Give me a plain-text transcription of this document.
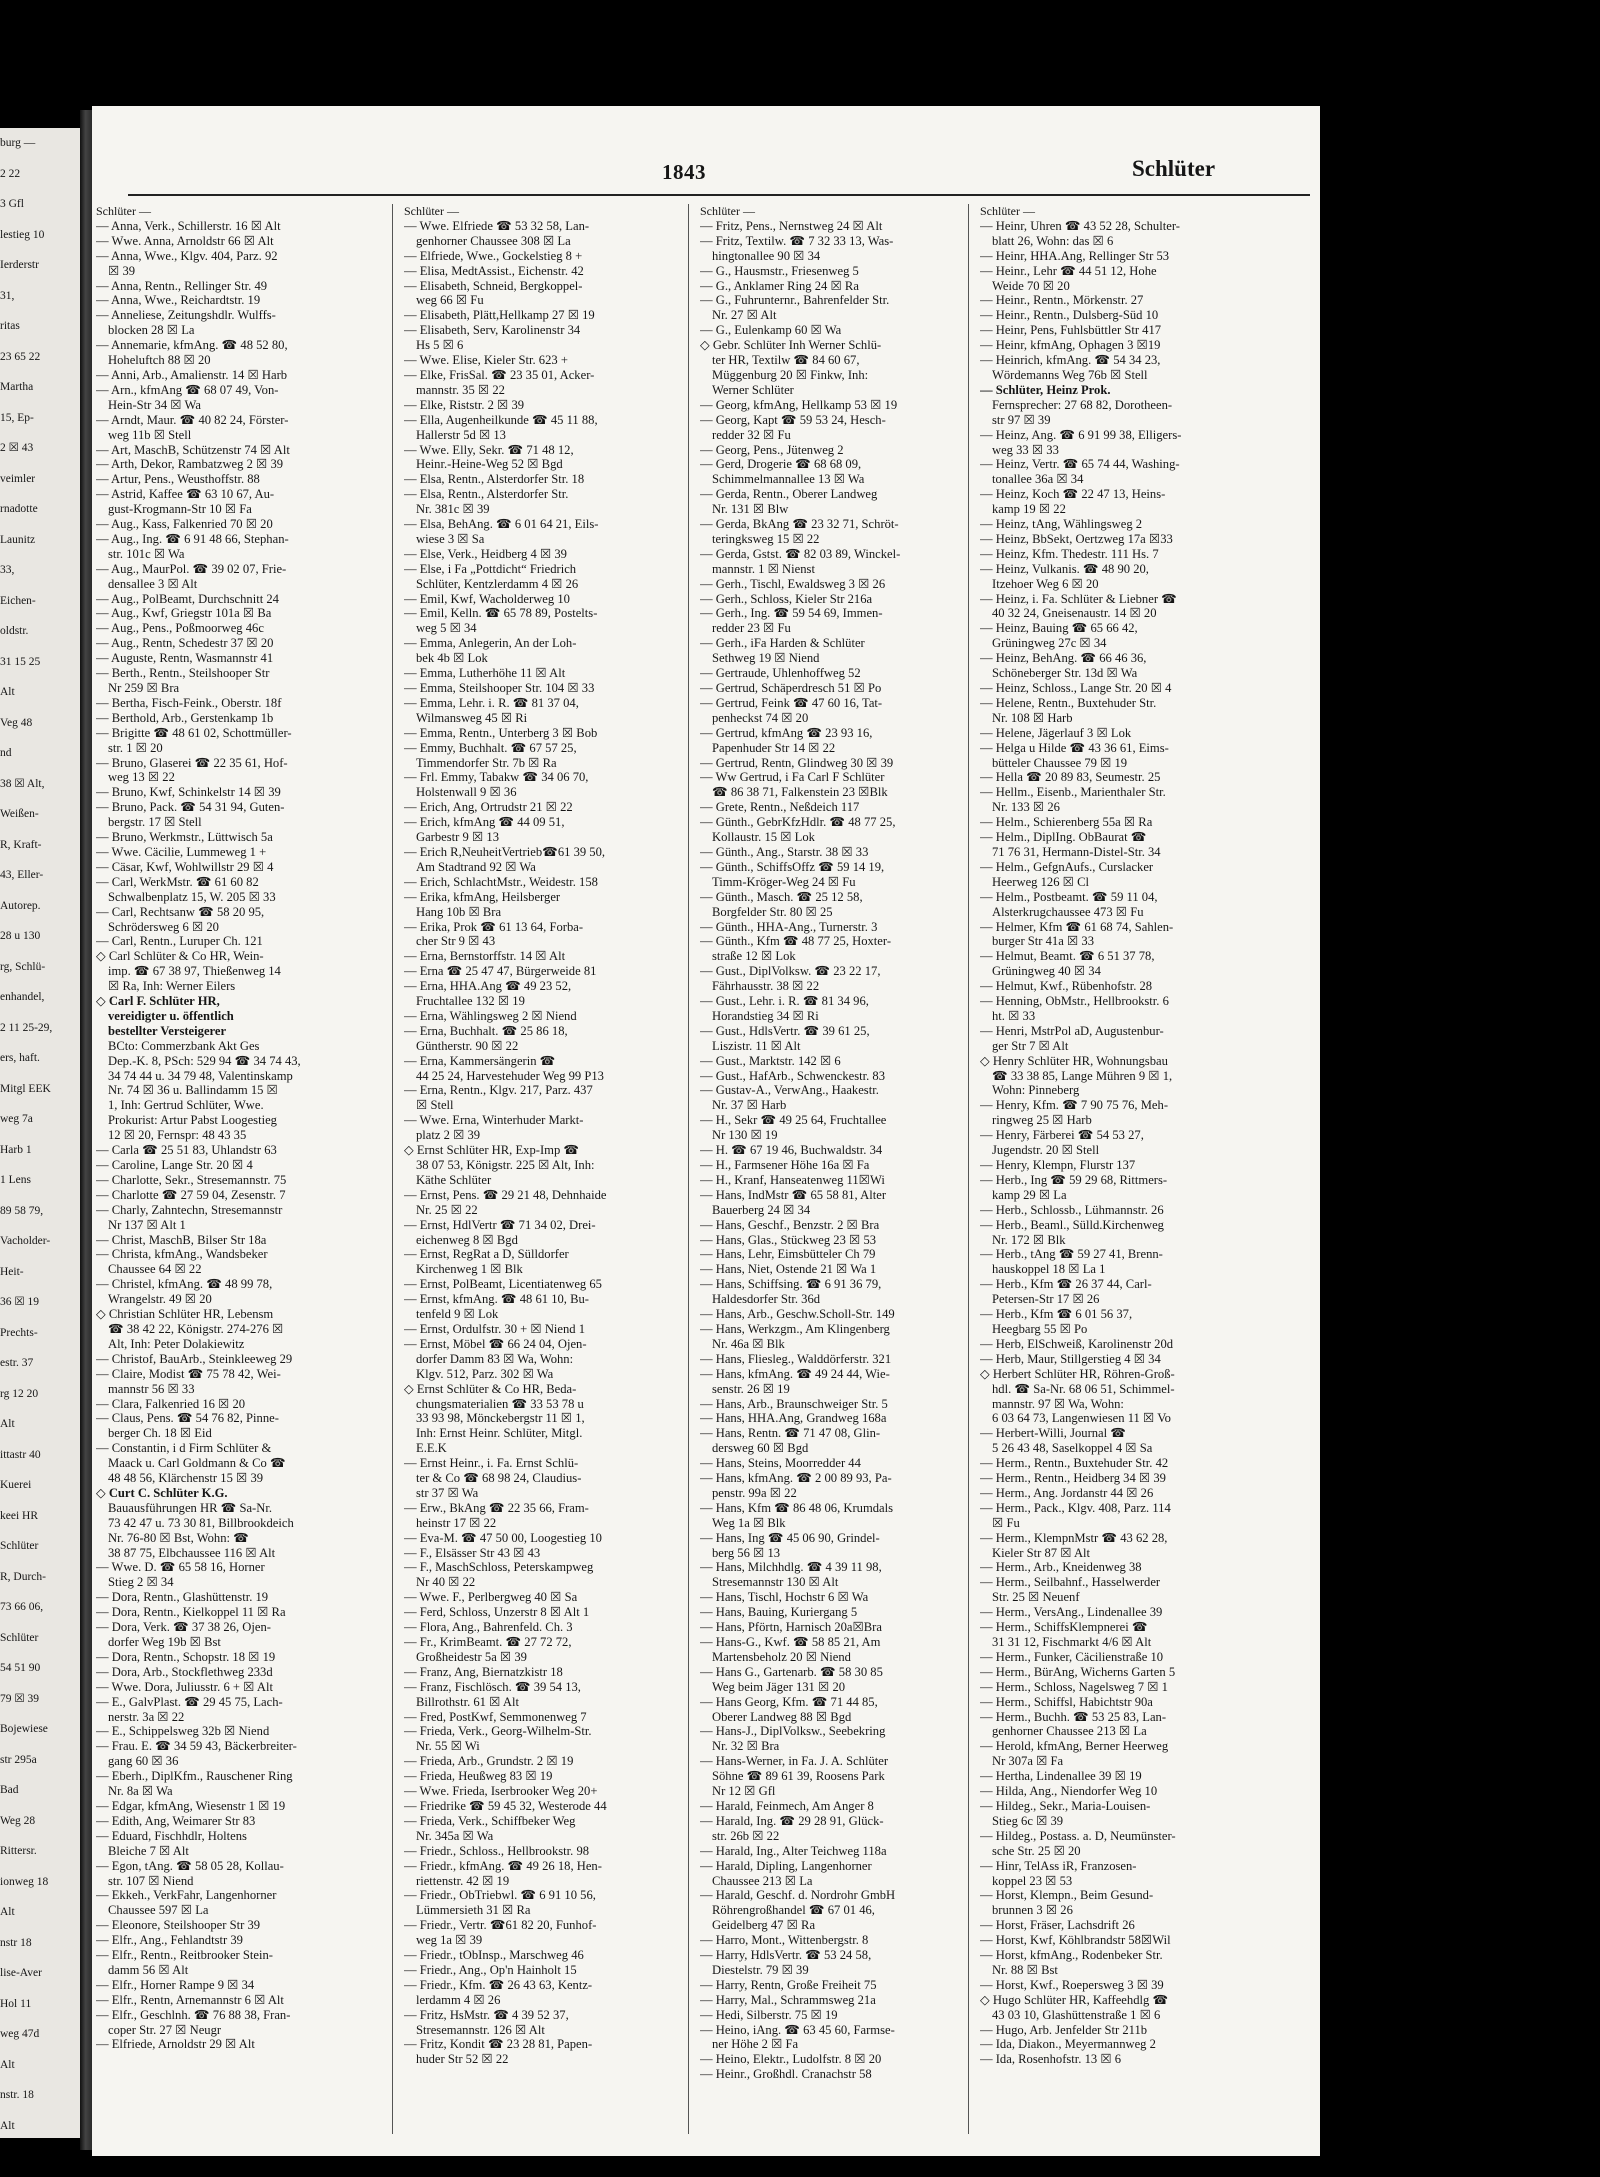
burg —
2 22
3 Gfl
lestieg 10
Ierderstr
31,
ritas
23 65 22
Martha
15, Ep-
2 ☒ 43
veimler
rnadotte
Launitz
33,
Eichen-
oldstr.
31 15 25
Alt
Veg 48
nd
38 ☒ Alt,
Weißen-
R, Kraft-
43, Eller-
Autorep.
28 u 130
rg, Schlü-
enhandel,
2 11 25-29,
ers, haft.
Mitgl EEK
weg 7a
Harb 1
1 Lens
89 58 79,
Vacholder-
Heit-
36 ☒ 19
Prechts-
estr. 37
rg 12 20
Alt
ittastr 40
Kuerei
keei HR
Schlüter
R, Durch-
73 66 06,
Schlüter
54 51 90
79 ☒ 39
Bojewiese
str 295a
Bad
Weg 28
Rittersr.
ionweg 18
Alt
nstr 18
lise-Aver
Hol 11
weg 47d
Alt
nstr. 18
Alt
1843	Schlüter
Schlüter —
— Anna, Verk., Schillerstr. 16 ☒ Alt
— Wwe. Anna, Arnoldstr 66 ☒ Alt
— Anna, Wwe., Klgv. 404, Parz. 92
☒ 39
— Anna, Rentn., Rellinger Str. 49
— Anna, Wwe., Reichardtstr. 19
— Anneliese, Zeitungshdlr. Wulffs-
blocken 28 ☒ La
— Annemarie, kfmAng. ☎ 48 52 80,
Hoheluftch 88 ☒ 20
— Anni, Arb., Amalienstr. 14 ☒ Harb
— Arn., kfmAng ☎ 68 07 49, Von-
Hein-Str 34 ☒ Wa
— Arndt, Maur. ☎ 40 82 24, Förster-
weg 11b ☒ Stell
— Art, MaschB, Schützenstr 74 ☒ Alt
— Arth, Dekor, Rambatzweg 2 ☒ 39
— Artur, Pens., Weusthoffstr. 88
— Astrid, Kaffee ☎ 63 10 67, Au-
gust-Krogmann-Str 10 ☒ Fa
— Aug., Kass, Falkenried 70 ☒ 20
— Aug., Ing. ☎ 6 91 48 66, Stephan-
str. 101c ☒ Wa
— Aug., MaurPol. ☎ 39 02 07, Frie-
densallee 3 ☒ Alt
— Aug., PolBeamt, Durchschnitt 24
— Aug., Kwf, Griegstr 101a ☒ Ba
— Aug., Pens., Poßmoorweg 46c
— Aug., Rentn, Schedestr 37 ☒ 20
— Auguste, Rentn, Wasmannstr 41
— Berth., Rentn., Steilshooper Str
Nr 259 ☒ Bra
— Bertha, Fisch-Feink., Oberstr. 18f
— Berthold, Arb., Gerstenkamp 1b
— Brigitte ☎ 48 61 02, Schottmüller-
str. 1 ☒ 20
— Bruno, Glaserei ☎ 22 35 61, Hof-
weg 13 ☒ 22
— Bruno, Kwf, Schinkelstr 14 ☒ 39
— Bruno, Pack. ☎ 54 31 94, Guten-
bergstr. 17 ☒ Stell
— Bruno, Werkmstr., Lüttwisch 5a
— Wwe. Cäcilie, Lummeweg 1 +
— Cäsar, Kwf, Wohlwillstr 29 ☒ 4
— Carl, WerkMstr. ☎ 61 60 82
Schwalbenplatz 15, W. 205 ☒ 33
— Carl, Rechtsanw ☎ 58 20 95,
Schrödersweg 6 ☒ 20
— Carl, Rentn., Luruper Ch. 121
◇ Carl Schlüter & Co HR, Wein-
imp. ☎ 67 38 97, Thießenweg 14
☒ Ra, Inh: Werner Eilers
◇ Carl F. Schlüter HR,
vereidigter u. öffentlich
bestellter Versteigerer
BCto: Commerzbank Akt Ges
Dep.-K. 8, PSch: 529 94 ☎ 34 74 43,
34 74 44 u. 34 79 48, Valentinskamp
Nr. 74 ☒ 36 u. Ballindamm 15 ☒
1, Inh: Gertrud Schlüter, Wwe.
Prokurist: Artur Pabst Loogestieg
12 ☒ 20, Fernspr: 48 43 35
— Carla ☎ 25 51 83, Uhlandstr 63
— Caroline, Lange Str. 20 ☒ 4
— Charlotte, Sekr., Stresemannstr. 75
— Charlotte ☎ 27 59 04, Zesenstr. 7
— Charly, Zahntechn, Stresemannstr
Nr 137 ☒ Alt 1
— Christ, MaschB, Bilser Str 18a
— Christa, kfmAng., Wandsbeker
Chaussee 64 ☒ 22
— Christel, kfmAng. ☎ 48 99 78,
Wrangelstr. 49 ☒ 20
◇ Christian Schlüter HR, Lebensm
☎ 38 42 22, Königstr. 274-276 ☒
Alt, Inh: Peter Dolakiewitz
— Christof, BauArb., Steinkleeweg 29
— Claire, Modist ☎ 75 78 42, Wei-
mannstr 56 ☒ 33
— Clara, Falkenried 16 ☒ 20
— Claus, Pens. ☎ 54 76 82, Pinne-
berger Ch. 18 ☒ Eid
— Constantin, i d Firm Schlüter &
Maack u. Carl Goldmann & Co ☎
48 48 56, Klärchenstr 15 ☒ 39
◇ Curt C. Schlüter K.G.
Bauausführungen HR ☎ Sa-Nr.
73 42 47 u. 73 30 81, Billbrookdeich
Nr. 76-80 ☒ Bst, Wohn: ☎
38 87 75, Elbchaussee 116 ☒ Alt
— Wwe. D. ☎ 65 58 16, Horner
Stieg 2 ☒ 34
— Dora, Rentn., Glashüttenstr. 19
— Dora, Rentn., Kielkoppel 11 ☒ Ra
— Dora, Verk. ☎ 37 38 26, Ojen-
dorfer Weg 19b ☒ Bst
— Dora, Rentn., Schopstr. 18 ☒ 19
— Dora, Arb., Stockflethweg 233d
— Wwe. Dora, Juliusstr. 6 + ☒ Alt
— E., GalvPlast. ☎ 29 45 75, Lach-
nerstr. 3a ☒ 22
— E., Schippelsweg 32b ☒ Niend
— Frau. E. ☎ 34 59 43, Bäckerbreiter-
gang 60 ☒ 36
— Eberh., DiplKfm., Rauschener Ring
Nr. 8a ☒ Wa
— Edgar, kfmAng, Wiesenstr 1 ☒ 19
— Edith, Ang, Weimarer Str 83
— Eduard, Fischhdlr, Holtens
Bleiche 7 ☒ Alt
— Egon, tAng. ☎ 58 05 28, Kollau-
str. 107 ☒ Niend
— Ekkeh., VerkFahr, Langenhorner
Chaussee 597 ☒ La
— Eleonore, Steilshooper Str 39
— Elfr., Ang., Fehlandtstr 39
— Elfr., Rentn., Reitbrooker Stein-
damm 56 ☒ Alt
— Elfr., Horner Rampe 9 ☒ 34
— Elfr., Rentn, Arnemannstr 6 ☒ Alt
— Elfr., Geschlnh. ☎ 76 88 38, Fran-
coper Str. 27 ☒ Neugr
— Elfriede, Arnoldstr 29 ☒ Alt
Schlüter —
— Wwe. Elfriede ☎ 53 32 58, Lan-
genhorner Chaussee 308 ☒ La
— Elfriede, Wwe., Gockelstieg 8 +
— Elisa, MedtAssist., Eichenstr. 42
— Elisabeth, Schneid, Bergkoppel-
weg 66 ☒ Fu
— Elisabeth, Plätt,Hellkamp 27 ☒ 19
— Elisabeth, Serv, Karolinenstr 34
Hs 5 ☒ 6
— Wwe. Elise, Kieler Str. 623 +
— Elke, FrisSal. ☎ 23 35 01, Acker-
mannstr. 35 ☒ 22
— Elke, Riststr. 2 ☒ 39
— Ella, Augenheilkunde ☎ 45 11 88,
Hallerstr 5d ☒ 13
— Wwe. Elly, Sekr. ☎ 71 48 12,
Heinr.-Heine-Weg 52 ☒ Bgd
— Elsa, Rentn., Alsterdorfer Str. 18
— Elsa, Rentn., Alsterdorfer Str.
Nr. 381c ☒ 39
— Elsa, BehAng. ☎ 6 01 64 21, Eils-
wiese 3 ☒ Sa
— Else, Verk., Heidberg 4 ☒ 39
— Else, i Fa „Pottdicht“ Friedrich
Schlüter, Kentzlerdamm 4 ☒ 26
— Emil, Kwf, Wacholderweg 10
— Emil, Kelln. ☎ 65 78 89, Postelts-
weg 5 ☒ 34
— Emma, Anlegerin, An der Loh-
bek 4b ☒ Lok
— Emma, Lutherhöhe 11 ☒ Alt
— Emma, Steilshooper Str. 104 ☒ 33
— Emma, Lehr. i. R. ☎ 81 37 04,
Wilmansweg 45 ☒ Ri
— Emma, Rentn., Unterberg 3 ☒ Bob
— Emmy, Buchhalt. ☎ 67 57 25,
Timmendorfer Str. 7b ☒ Ra
— Frl. Emmy, Tabakw ☎ 34 06 70,
Holstenwall 9 ☒ 36
— Erich, Ang, Ortrudstr 21 ☒ 22
— Erich, kfmAng ☎ 44 09 51,
Garbestr 9 ☒ 13
— Erich R,NeuheitVertrieb☎61 39 50,
Am Stadtrand 92 ☒ Wa
— Erich, SchlachtMstr., Weidestr. 158
— Erika, kfmAng, Heilsberger
Hang 10b ☒ Bra
— Erika, Prok ☎ 61 13 64, Forba-
cher Str 9 ☒ 43
— Erna, Bernstorffstr. 14 ☒ Alt
— Erna ☎ 25 47 47, Bürgerweide 81
— Erna, HHA.Ang ☎ 49 23 52,
Fruchtallee 132 ☒ 19
— Erna, Wählingsweg 2 ☒ Niend
— Erna, Buchhalt. ☎ 25 86 18,
Güntherstr. 90 ☒ 22
— Erna, Kammersängerin ☎
44 25 24, Harvestehuder Weg 99 P13
— Erna, Rentn., Klgv. 217, Parz. 437
☒ Stell
— Wwe. Erna, Winterhuder Markt-
platz 2 ☒ 39
◇ Ernst Schlüter HR, Exp-Imp ☎
38 07 53, Königstr. 225 ☒ Alt, Inh:
Käthe Schlüter
— Ernst, Pens. ☎ 29 21 48, Dehnhaide
Nr. 25 ☒ 22
— Ernst, HdlVertr ☎ 71 34 02, Drei-
eichenweg 8 ☒ Bgd
— Ernst, RegRat a D, Sülldorfer
Kirchenweg 1 ☒ Blk
— Ernst, PolBeamt, Licentiatenweg 65
— Ernst, kfmAng. ☎ 48 61 10, Bu-
tenfeld 9 ☒ Lok
— Ernst, Ordulfstr. 30 + ☒ Niend 1
— Ernst, Möbel ☎ 66 24 04, Ojen-
dorfer Damm 83 ☒ Wa, Wohn:
Klgv. 512, Parz. 302 ☒ Wa
◇ Ernst Schlüter & Co HR, Beda-
chungsmaterialien ☎ 33 53 78 u
33 93 98, Mönckebergstr 11 ☒ 1,
Inh: Ernst Heinr. Schlüter, Mitgl.
E.E.K
— Ernst Heinr., i. Fa. Ernst Schlü-
ter & Co ☎ 68 98 24, Claudius-
str 37 ☒ Wa
— Erw., BkAng ☎ 22 35 66, Fram-
heinstr 17 ☒ 22
— Eva-M. ☎ 47 50 00, Loogestieg 10
— F., Elsässer Str 43 ☒ 43
— F., MaschSchloss, Peterskampweg
Nr 40 ☒ 22
— Wwe. F., Perlbergweg 40 ☒ Sa
— Ferd, Schloss, Unzerstr 8 ☒ Alt 1
— Flora, Ang., Bahrenfeld. Ch. 3
— Fr., KrimBeamt. ☎ 27 72 72,
Großheidestr 5a ☒ 39
— Franz, Ang, Biernatzkistr 18
— Franz, Fischlösch. ☎ 39 54 13,
Billrothstr. 61 ☒ Alt
— Fred, PostKwf, Semmonenweg 7
— Frieda, Verk., Georg-Wilhelm-Str.
Nr. 55 ☒ Wi
— Frieda, Arb., Grundstr. 2 ☒ 19
— Frieda, Heußweg 83 ☒ 19
— Wwe. Frieda, Iserbrooker Weg 20+
— Friedrike ☎ 59 45 32, Westerode 44
— Frieda, Verk., Schiffbeker Weg
Nr. 345a ☒ Wa
— Friedr., Schloss., Hellbrookstr. 98
— Friedr., kfmAng. ☎ 49 26 18, Hen-
riettenstr. 42 ☒ 19
— Friedr., ObTriebwl. ☎ 6 91 10 56,
Lümmersieth 31 ☒ Ra
— Friedr., Vertr. ☎61 82 20, Funhof-
weg 1a ☒ 39
— Friedr., tObInsp., Marschweg 46
— Friedr., Ang., Op'n Hainholt 15
— Friedr., Kfm. ☎ 26 43 63, Kentz-
lerdamm 4 ☒ 26
— Fritz, HsMstr. ☎ 4 39 52 37,
Stresemannstr. 126 ☒ Alt
— Fritz, Kondit ☎ 23 28 81, Papen-
huder Str 52 ☒ 22
Schlüter —
— Fritz, Pens., Nernstweg 24 ☒ Alt
— Fritz, Textilw. ☎ 7 32 33 13, Was-
hingtonallee 90 ☒ 34
— G., Hausmstr., Friesenweg 5
— G., Anklamer Ring 24 ☒ Ra
— G., Fuhrunternr., Bahrenfelder Str.
Nr. 27 ☒ Alt
— G., Eulenkamp 60 ☒ Wa
◇ Gebr. Schlüter Inh Werner Schlü-
ter HR, Textilw ☎ 84 60 67,
Müggenburg 20 ☒ Finkw, Inh:
Werner Schlüter
— Georg, kfmAng, Hellkamp 53 ☒ 19
— Georg, Kapt ☎ 59 53 24, Hesch-
redder 32 ☒ Fu
— Georg, Pens., Jütenweg 2
— Gerd, Drogerie ☎ 68 68 09,
Schimmelmannallee 13 ☒ Wa
— Gerda, Rentn., Oberer Landweg
Nr. 131 ☒ Blw
— Gerda, BkAng ☎ 23 32 71, Schröt-
teringksweg 15 ☒ 22
— Gerda, Gstst. ☎ 82 03 89, Winckel-
mannstr. 1 ☒ Nienst
— Gerh., Tischl, Ewaldsweg 3 ☒ 26
— Gerh., Schloss, Kieler Str 216a
— Gerh., Ing. ☎ 59 54 69, Immen-
redder 23 ☒ Fu
— Gerh., iFa Harden & Schlüter
Sethweg 19 ☒ Niend
— Gertraude, Uhlenhoffweg 52
— Gertrud, Schäperdresch 51 ☒ Po
— Gertrud, Feink ☎ 47 60 16, Tat-
penheckst 74 ☒ 20
— Gertrud, kfmAng ☎ 23 93 16,
Papenhuder Str 14 ☒ 22
— Gertrud, Rentn, Glindweg 30 ☒ 39
— Ww Gertrud, i Fa Carl F Schlüter
☎ 86 38 71, Falkenstein 23 ☒Blk
— Grete, Rentn., Neßdeich 117
— Günth., GebrKfzHdlr. ☎ 48 77 25,
Kollaustr. 15 ☒ Lok
— Günth., Ang., Starstr. 38 ☒ 33
— Günth., SchiffsOffz ☎ 59 14 19,
Timm-Kröger-Weg 24 ☒ Fu
— Günth., Masch. ☎ 25 12 58,
Borgfelder Str. 80 ☒ 25
— Günth., HHA-Ang., Turnerstr. 3
— Günth., Kfm ☎ 48 77 25, Hoxter-
straße 12 ☒ Lok
— Gust., DiplVolksw. ☎ 23 22 17,
Fährhausstr. 38 ☒ 22
— Gust., Lehr. i. R. ☎ 81 34 96,
Horandstieg 34 ☒ Ri
— Gust., HdlsVertr. ☎ 39 61 25,
Liszistr. 11 ☒ Alt
— Gust., Marktstr. 142 ☒ 6
— Gust., HafArb., Schwenckestr. 83
— Gustav-A., VerwAng., Haakestr.
Nr. 37 ☒ Harb
— H., Sekr ☎ 49 25 64, Fruchtallee
Nr 130 ☒ 19
— H. ☎ 67 19 46, Buchwaldstr. 34
— H., Farmsener Höhe 16a ☒ Fa
— H., Kranf, Hanseatenweg 11☒Wi
— Hans, IndMstr ☎ 65 58 81, Alter
Bauerberg 24 ☒ 34
— Hans, Geschf., Benzstr. 2 ☒ Bra
— Hans, Glas., Stückweg 23 ☒ 53
— Hans, Lehr, Eimsbütteler Ch 79
— Hans, Niet, Ostende 21 ☒ Wa 1
— Hans, Schiffsing. ☎ 6 91 36 79,
Haldesdorfer Str. 36d
— Hans, Arb., Geschw.Scholl-Str. 149
— Hans, Werkzgm., Am Klingenberg
Nr. 46a ☒ Blk
— Hans, Fliesleg., Walddörferstr. 321
— Hans, kfmAng. ☎ 49 24 44, Wie-
senstr. 26 ☒ 19
— Hans, Arb., Braunschweiger Str. 5
— Hans, HHA.Ang, Grandweg 168a
— Hans, Rentn. ☎ 71 47 08, Glin-
dersweg 60 ☒ Bgd
— Hans, Steins, Moorredder 44
— Hans, kfmAng. ☎ 2 00 89 93, Pa-
penstr. 99a ☒ 22
— Hans, Kfm ☎ 86 48 06, Krumdals
Weg 1a ☒ Blk
— Hans, Ing ☎ 45 06 90, Grindel-
berg 56 ☒ 13
— Hans, Milchhdlg. ☎ 4 39 11 98,
Stresemannstr 130 ☒ Alt
— Hans, Tischl, Hochstr 6 ☒ Wa
— Hans, Bauing, Kuriergang 5
— Hans, Pförtn, Harnisch 20a☒Bra
— Hans-G., Kwf. ☎ 58 85 21, Am
Martensbeholz 20 ☒ Niend
— Hans G., Gartenarb. ☎ 58 30 85
Weg beim Jäger 131 ☒ 20
— Hans Georg, Kfm. ☎ 71 44 85,
Oberer Landweg 88 ☒ Bgd
— Hans-J., DiplVolksw., Seebekring
Nr. 32 ☒ Bra
— Hans-Werner, in Fa. J. A. Schlüter
Söhne ☎ 89 61 39, Roosens Park
Nr 12 ☒ Gfl
— Harald, Feinmech, Am Anger 8
— Harald, Ing. ☎ 29 28 91, Glück-
str. 26b ☒ 22
— Harald, Ing., Alter Teichweg 118a
— Harald, Dipling, Langenhorner
Chaussee 213 ☒ La
— Harald, Geschf. d. Nordrohr GmbH
Röhrengroßhandel ☎ 67 01 46,
Geidelberg 47 ☒ Ra
— Harro, Mont., Wittenbergstr. 8
— Harry, HdlsVertr. ☎ 53 24 58,
Diestelstr. 79 ☒ 39
— Harry, Rentn, Große Freiheit 75
— Harry, Mal., Schrammsweg 21a
— Hedi, Silberstr. 75 ☒ 19
— Heino, iAng. ☎ 63 45 60, Farmse-
ner Höhe 2 ☒ Fa
— Heino, Elektr., Ludolfstr. 8 ☒ 20
— Heinr., Großhdl. Cranachstr 58
Schlüter —
— Heinr, Uhren ☎ 43 52 28, Schulter-
blatt 26, Wohn: das ☒ 6
— Heinr, HHA.Ang, Rellinger Str 53
— Heinr., Lehr ☎ 44 51 12, Hohe
Weide 70 ☒ 20
— Heinr., Rentn., Mörkenstr. 27
— Heinr., Rentn., Dulsberg-Süd 10
— Heinr, Pens, Fuhlsbüttler Str 417
— Heinr, kfmAng, Ophagen 3 ☒19
— Heinrich, kfmAng. ☎ 54 34 23,
Wördemanns Weg 76b ☒ Stell
— Schlüter, Heinz Prok.
Fernsprecher: 27 68 82, Dorotheen-
str 97 ☒ 39
— Heinz, Ang. ☎ 6 91 99 38, Elligers-
weg 33 ☒ 33
— Heinz, Vertr. ☎ 65 74 44, Washing-
tonallee 36a ☒ 34
— Heinz, Koch ☎ 22 47 13, Heins-
kamp 19 ☒ 22
— Heinz, tAng, Wählingsweg 2
— Heinz, BbSekt, Oertzweg 17a ☒33
— Heinz, Kfm. Thedestr. 111 Hs. 7
— Heinz, Vulkanis. ☎ 48 90 20,
Itzehoer Weg 6 ☒ 20
— Heinz, i. Fa. Schlüter & Liebner ☎
40 32 24, Gneisenaustr. 14 ☒ 20
— Heinz, Bauing ☎ 65 66 42,
Grüningweg 27c ☒ 34
— Heinz, BehAng. ☎ 66 46 36,
Schöneberger Str. 13d ☒ Wa
— Heinz, Schloss., Lange Str. 20 ☒ 4
— Helene, Rentn., Buxtehuder Str.
Nr. 108 ☒ Harb
— Helene, Jägerlauf 3 ☒ Lok
— Helga u Hilde ☎ 43 36 61, Eims-
bütteler Chaussee 79 ☒ 19
— Hella ☎ 20 89 83, Seumestr. 25
— Hellm., Eisenb., Marienthaler Str.
Nr. 133 ☒ 26
— Helm., Schierenberg 55a ☒ Ra
— Helm., DiplIng. ObBaurat ☎
71 76 31, Hermann-Distel-Str. 34
— Helm., GefgnAufs., Curslacker
Heerweg 126 ☒ Cl
— Helm., Postbeamt. ☎ 59 11 04,
Alsterkrugchaussee 473 ☒ Fu
— Helmer, Kfm ☎ 61 68 74, Sahlen-
burger Str 41a ☒ 33
— Helmut, Beamt. ☎ 6 51 37 78,
Grüningweg 40 ☒ 34
— Helmut, Kwf., Rübenhofstr. 28
— Henning, ObMstr., Hellbrookstr. 6
ht. ☒ 33
— Henri, MstrPol aD, Augustenbur-
ger Str 7 ☒ Alt
◇ Henry Schlüter HR, Wohnungsbau
☎ 33 38 85, Lange Mühren 9 ☒ 1,
Wohn: Pinneberg
— Henry, Kfm. ☎ 7 90 75 76, Meh-
ringweg 25 ☒ Harb
— Henry, Färberei ☎ 54 53 27,
Jugendstr. 20 ☒ Stell
— Henry, Klempn, Flurstr 137
— Herb., Ing ☎ 59 29 68, Rittmers-
kamp 29 ☒ La
— Herb., Schlossb., Lühmannstr. 26
— Herb., Beaml., Sülld.Kirchenweg
Nr. 172 ☒ Blk
— Herb., tAng ☎ 59 27 41, Brenn-
hauskoppel 18 ☒ La 1
— Herb., Kfm ☎ 26 37 44, Carl-
Petersen-Str 17 ☒ 26
— Herb., Kfm ☎ 6 01 56 37,
Heegbarg 55 ☒ Po
— Herb, ElSchweiß, Karolinenstr 20d
— Herb, Maur, Stillgerstieg 4 ☒ 34
◇ Herbert Schlüter HR, Röhren-Groß-
hdl. ☎ Sa-Nr. 68 06 51, Schimmel-
mannstr. 97 ☒ Wa, Wohn:
6 03 64 73, Langenwiesen 11 ☒ Vo
— Herbert-Willi, Journal ☎
5 26 43 48, Saselkoppel 4 ☒ Sa
— Herm., Rentn., Buxtehuder Str. 42
— Herm., Rentn., Heidberg 34 ☒ 39
— Herm., Ang. Jordanstr 44 ☒ 26
— Herm., Pack., Klgv. 408, Parz. 114
☒ Fu
— Herm., KlempnMstr ☎ 43 62 28,
Kieler Str 87 ☒ Alt
— Herm., Arb., Kneidenweg 38
— Herm., Seilbahnf., Hasselwerder
Str. 25 ☒ Neuenf
— Herm., VersAng., Lindenallee 39
— Herm., SchiffsKlempnerei ☎
31 31 12, Fischmarkt 4/6 ☒ Alt
— Herm., Funker, Cäcilienstraße 10
— Herm., BürAng, Wicherns Garten 5
— Herm., Schloss, Nagelsweg 7 ☒ 1
— Herm., Schiffsl, Habichtstr 90a
— Herm., Buchh. ☎ 53 25 83, Lan-
genhorner Chaussee 213 ☒ La
— Herold, kfmAng, Berner Heerweg
Nr 307a ☒ Fa
— Hertha, Lindenallee 39 ☒ 19
— Hilda, Ang., Niendorfer Weg 10
— Hildeg., Sekr., Maria-Louisen-
Stieg 6c ☒ 39
— Hildeg., Postass. a. D, Neumünster-
sche Str. 25 ☒ 20
— Hinr, TelAss iR, Franzosen-
koppel 23 ☒ 53
— Horst, Klempn., Beim Gesund-
brunnen 3 ☒ 26
— Horst, Fräser, Lachsdrift 26
— Horst, Kwf, Köhlbrandstr 58☒Wil
— Horst, kfmAng., Rodenbeker Str.
Nr. 88 ☒ Bst
— Horst, Kwf., Roepersweg 3 ☒ 39
◇ Hugo Schlüter HR, Kaffeehdlg ☎
43 03 10, Glashüttenstraße 1 ☒ 6
— Hugo, Arb. Jenfelder Str 211b
— Ida, Diakon., Meyermannweg 2
— Ida, Rosenhofstr. 13 ☒ 6
